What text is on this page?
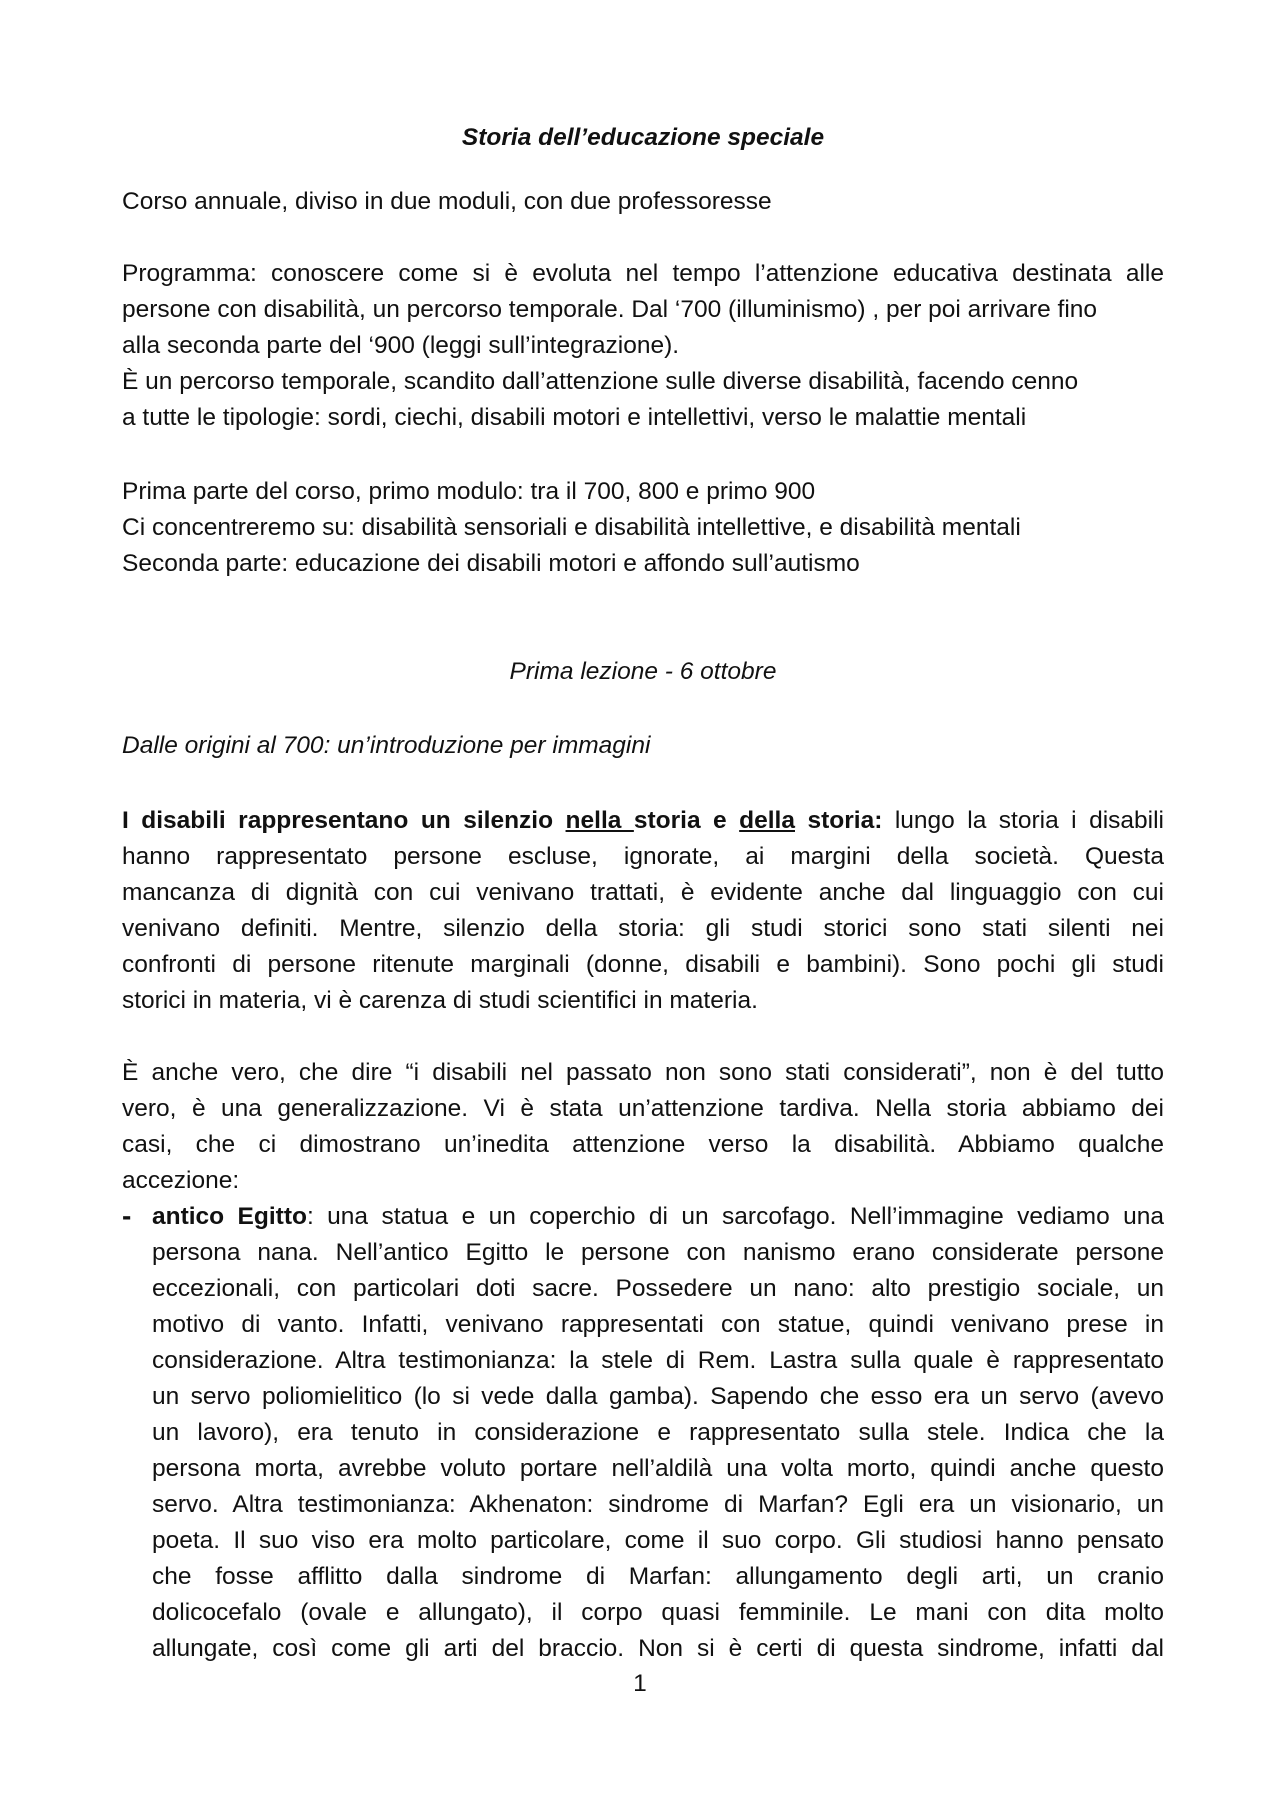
Storia dell’educazione speciale
Corso annuale, diviso in due moduli, con due professoresse
Programma: conoscere come si è evoluta nel tempo l’attenzione educativa destinata alle
persone con disabilità, un percorso temporale. Dal ‘700 (illuminismo) , per poi arrivare fino
alla seconda parte del ‘900 (leggi sull’integrazione).
È un percorso temporale, scandito dall’attenzione sulle diverse disabilità, facendo cenno
a tutte le tipologie: sordi, ciechi, disabili motori e intellettivi, verso le malattie mentali
Prima parte del corso, primo modulo: tra il 700, 800 e primo 900
Ci concentreremo su: disabilità sensoriali e disabilità intellettive, e disabilità mentali
Seconda parte: educazione dei disabili motori e affondo sull’autismo
Prima lezione - 6 ottobre
Dalle origini al 700: un’introduzione per immagini
I disabili rappresentano un silenzio nella storia e della storia: lungo la storia i disabili
hanno rappresentato persone escluse, ignorate, ai margini della società. Questa
mancanza di dignità con cui venivano trattati, è evidente anche dal linguaggio con cui
venivano definiti. Mentre, silenzio della storia: gli studi storici sono stati silenti nei
confronti di persone ritenute marginali (donne, disabili e bambini). Sono pochi gli studi
storici in materia, vi è carenza di studi scientifici in materia.
È anche vero, che dire “i disabili nel passato non sono stati considerati”, non è del tutto
vero, è una generalizzazione. Vi è stata un’attenzione tardiva. Nella storia abbiamo dei
casi, che ci dimostrano un’inedita attenzione verso la disabilità. Abbiamo qualche
accezione:
- antico Egitto: una statua e un coperchio di un sarcofago. Nell’immagine vediamo una
persona nana. Nell’antico Egitto le persone con nanismo erano considerate persone
eccezionali, con particolari doti sacre. Possedere un nano: alto prestigio sociale, un
motivo di vanto. Infatti, venivano rappresentati con statue, quindi venivano prese in
considerazione. Altra testimonianza: la stele di Rem. Lastra sulla quale è rappresentato
un servo poliomielitico (lo si vede dalla gamba). Sapendo che esso era un servo (avevo
un lavoro), era tenuto in considerazione e rappresentato sulla stele. Indica che la
persona morta, avrebbe voluto portare nell’aldilà una volta morto, quindi anche questo
servo. Altra testimonianza: Akhenaton: sindrome di Marfan? Egli era un visionario, un
poeta. Il suo viso era molto particolare, come il suo corpo. Gli studiosi hanno pensato
che fosse afflitto dalla sindrome di Marfan: allungamento degli arti, un cranio
dolicocefalo (ovale e allungato), il corpo quasi femminile. Le mani con dita molto
allungate, così come gli arti del braccio. Non si è certi di questa sindrome, infatti dal
1
